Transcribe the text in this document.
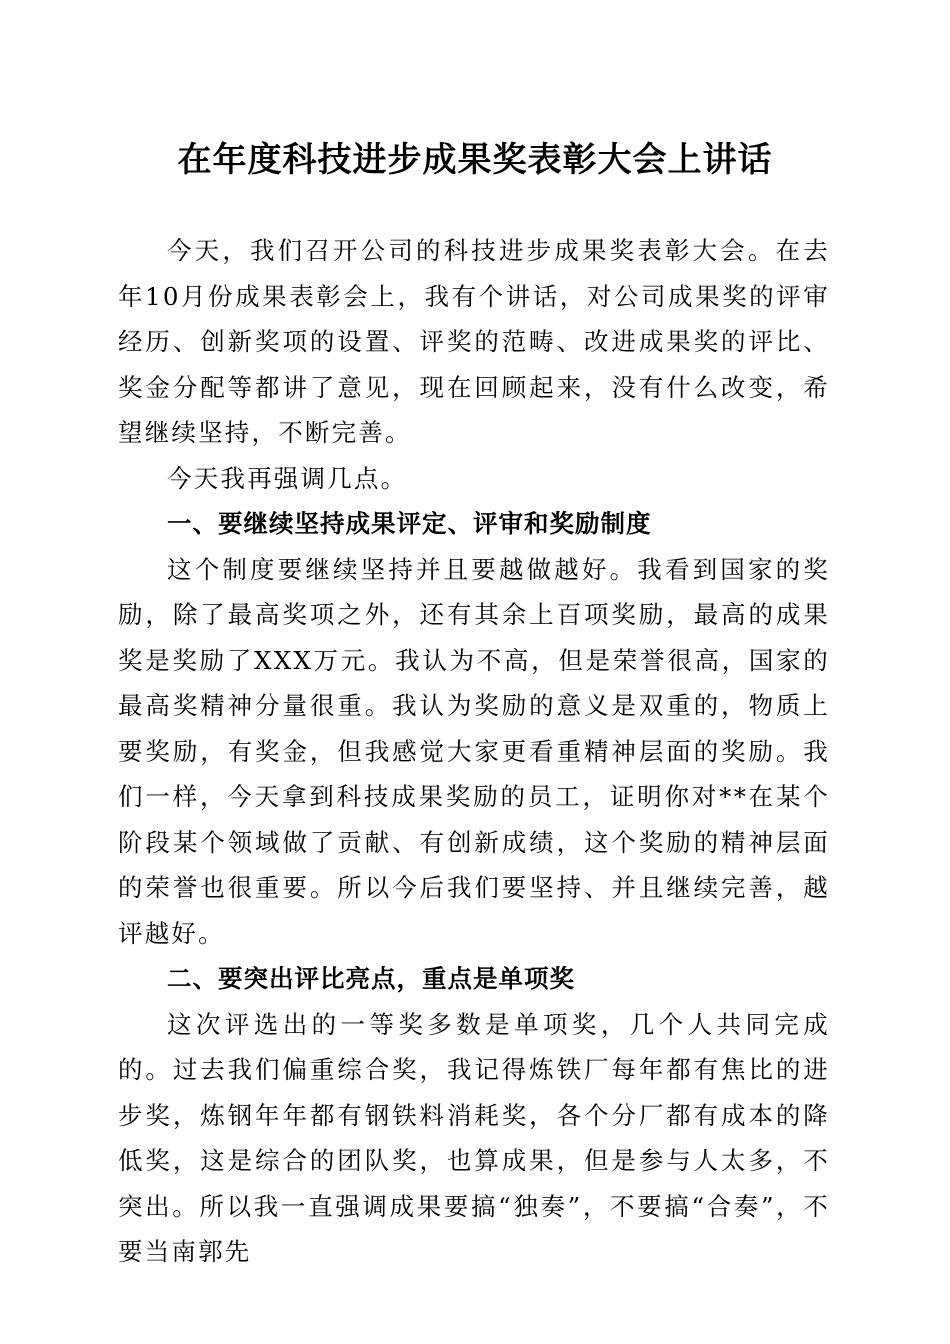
在年度科技进步成果奖表彰大会上讲话

今天，我们召开公司的科技进步成果奖表彰大会。在去年10月份成果表彰会上，我有个讲话，对公司成果奖的评审经历、创新奖项的设置、评奖的范畴、改进成果奖的评比、奖金分配等都讲了意见，现在回顾起来，没有什么改变，希望继续坚持，不断完善。

今天我再强调几点。

一、要继续坚持成果评定、评审和奖励制度

这个制度要继续坚持并且要越做越好。我看到国家的奖励，除了最高奖项之外，还有其余上百项奖励，最高的成果奖是奖励了XXX万元。我认为不高，但是荣誉很高，国家的最高奖精神分量很重。我认为奖励的意义是双重的，物质上要奖励，有奖金，但我感觉大家更看重精神层面的奖励。我们一样，今天拿到科技成果奖励的员工，证明你对**在某个阶段某个领域做了贡献、有创新成绩，这个奖励的精神层面的荣誉也很重要。所以今后我们要坚持、并且继续完善，越评越好。

二、要突出评比亮点，重点是单项奖

这次评选出的一等奖多数是单项奖，几个人共同完成的。过去我们偏重综合奖，我记得炼铁厂每年都有焦比的进步奖，炼钢年年都有钢铁料消耗奖，各个分厂都有成本的降低奖，这是综合的团队奖，也算成果，但是参与人太多，不突出。所以我一直强调成果要搞“独奏”，不要搞“合奏”，不要当南郭先
